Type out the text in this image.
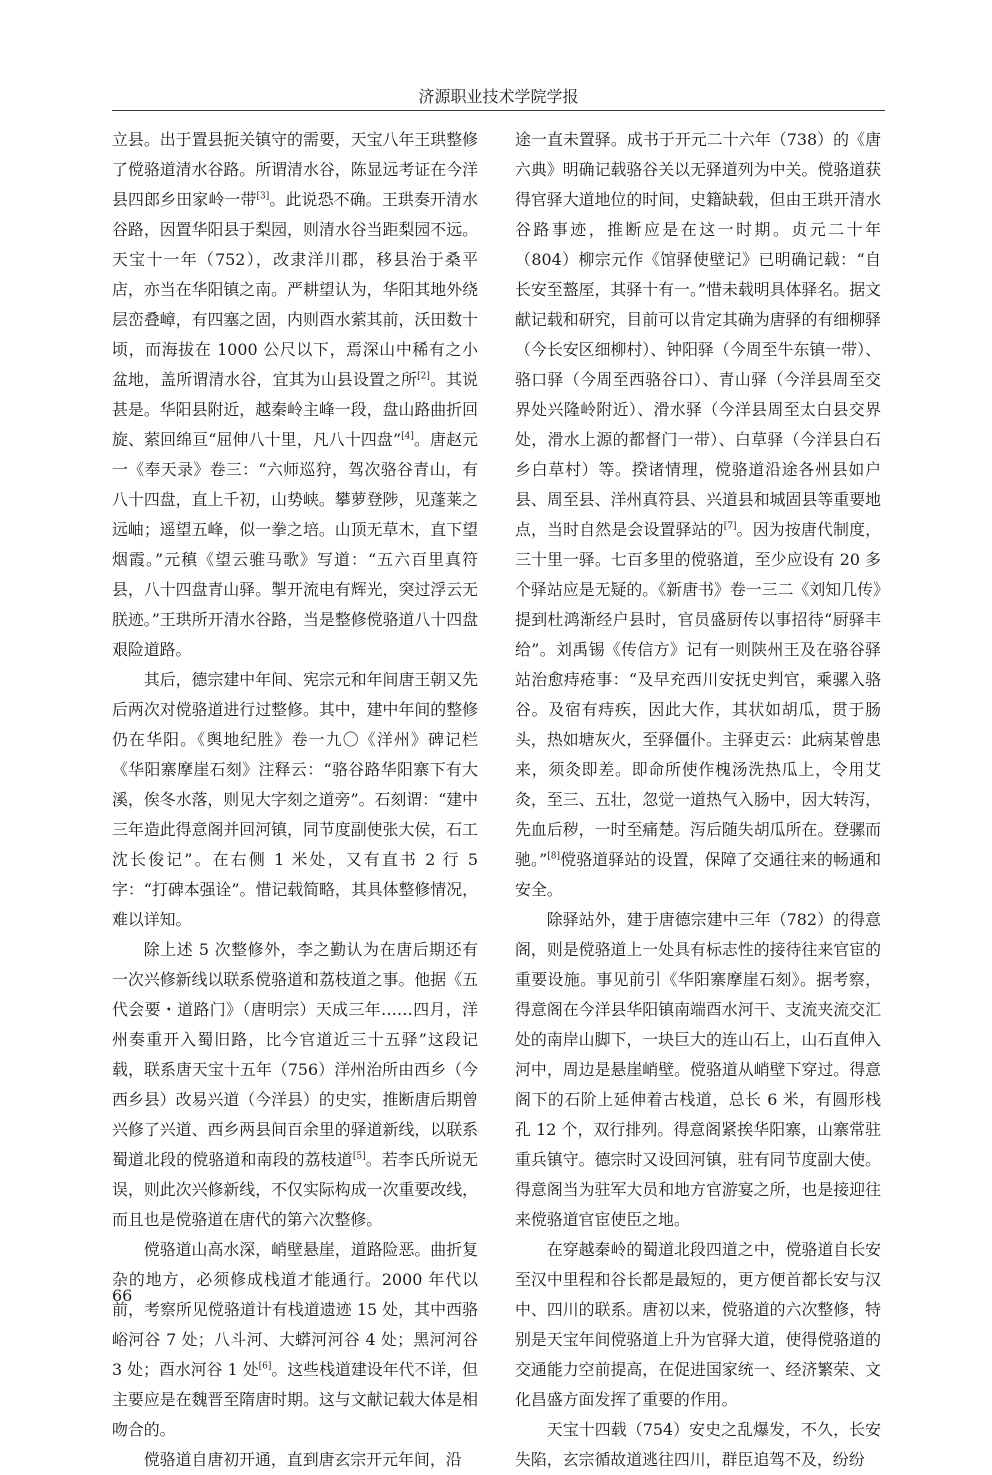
济源职业技术学院学报

立县。出于置县扼关镇守的需要，天宝八年王珙整修了傥骆道清水谷路。所谓清水谷，陈显远考证在今洋县四郎乡田家岭一带[3]。此说恐不确。王珙奏开清水谷路，因置华阳县于梨园，则清水谷当距梨园不远。天宝十一年（752），改隶洋川郡，移县治于桑平店，亦当在华阳镇之南。严耕望认为，华阳其地外绕层峦叠嶂，有四塞之固，内则酉水萦其前，沃田数十顷，而海拔在 1000 公尺以下，焉深山中稀有之小盆地，盖所谓清水谷，宜其为山县设置之所[2]。其说甚是。华阳县附近，越秦岭主峰一段，盘山路曲折回旋、萦回绵亘“屈伸八十里，凡八十四盘”[4]。唐赵元一《奉天录》卷三：“六师巡狩，驾次骆谷青山，有八十四盘，直上千初，山势峡。攀萝登陟，见蓬莱之远岫；遥望五峰，似一拳之培。山顶无草木，直下望烟霞。”元稹《望云骓马歌》写道：“五六百里真符县，八十四盘青山驿。掣开流电有辉光，突过浮云无朕迹。”王珙所开清水谷路，当是整修傥骆道八十四盘艰险道路。

其后，德宗建中年间、宪宗元和年间唐王朝又先后两次对傥骆道进行过整修。其中，建中年间的整修仍在华阳。《舆地纪胜》卷一九〇《洋州》碑记栏《华阳寨摩崖石刻》注释云：“骆谷路华阳寨下有大溪，俟冬水落，则见大字刻之道旁”。石刻谓：“建中三年造此得意阁并回河镇，同节度副使张大侯，石工沈长俊记”。在右侧 1 米处，又有直书 2 行 5 字：“打碑本强诠”。惜记载简略，其具体整修情况，难以详知。

除上述 5 次整修外，李之勤认为在唐后期还有一次兴修新线以联系傥骆道和荔枝道之事。他据《五代会要・道路门》（唐明宗）天成三年……四月，洋州奏重开入蜀旧路，比今官道近三十五驿”这段记载，联系唐天宝十五年（756）洋州治所由西乡（今西乡县）改易兴道（今洋县）的史实，推断唐后期曾兴修了兴道、西乡两县间百余里的驿道新线，以联系蜀道北段的傥骆道和南段的荔枝道[5]。若李氏所说无误，则此次兴修新线，不仅实际构成一次重要改线，而且也是傥骆道在唐代的第六次整修。

傥骆道山高水深，峭壁悬崖，道路险恶。曲折复杂的地方，必须修成栈道才能通行。2000 年代以前，考察所见傥骆道计有栈道遗迹 15 处，其中西骆峪河谷 7 处；八斗河、大蟒河河谷 4 处；黑河河谷 3 处；酉水河谷 1 处[6]。这些栈道建设年代不详，但主要应是在魏晋至隋唐时期。这与文献记载大体是相吻合的。

傥骆道自唐初开通，直到唐玄宗开元年间，沿

途一直未置驿。成书于开元二十六年（738）的《唐六典》明确记载骆谷关以无驿道列为中关。傥骆道获得官驿大道地位的时间，史籍缺载，但由王珙开清水谷路事迹，推断应是在这一时期。贞元二十年（804）柳宗元作《馆驿使壁记》已明确记载：“自长安至盩厔，其驿十有一。”惜未载明具体驿名。据文献记载和研究，目前可以肯定其确为唐驿的有细柳驿（今长安区细柳村）、钟阳驿（今周至牛东镇一带）、骆口驿（今周至西骆谷口）、青山驿（今洋县周至交界处兴隆岭附近）、滑水驿（今洋县周至太白县交界处，滑水上源的都督门一带）、白草驿（今洋县白石乡白草村）等。揆诸情理，傥骆道沿途各州县如户县、周至县、洋州真符县、兴道县和城固县等重要地点，当时自然是会设置驿站的[7]。因为按唐代制度，三十里一驿。七百多里的傥骆道，至少应设有 20 多个驿站应是无疑的。《新唐书》卷一三二《刘知几传》提到杜鸿渐经户县时，官员盛厨传以事招待“厨驿丰给”。刘禹锡《传信方》记有一则陕州王及在骆谷驿站治愈痔疮事：“及早充西川安抚史判官，乘骡入骆谷。及宿有痔疾，因此大作，其状如胡瓜，贯于肠头，热如塘灰火，至驿僵仆。主驿吏云：此病某曾患来，须灸即差。即命所使作槐汤洗热瓜上，令用艾灸，至三、五壮，忽觉一道热气入肠中，因大转泻，先血后秽，一时至痛楚。泻后随失胡瓜所在。登骡而驰。”[8]傥骆道驿站的设置，保障了交通往来的畅通和安全。

除驿站外，建于唐德宗建中三年（782）的得意阁，则是傥骆道上一处具有标志性的接待往来官宦的重要设施。事见前引《华阳寨摩崖石刻》。据考察，得意阁在今洋县华阳镇南端酉水河干、支流夹流交汇处的南岸山脚下，一块巨大的连山石上，山石直伸入河中，周边是悬崖峭壁。傥骆道从峭壁下穿过。得意阁下的石阶上延伸着古栈道，总长 6 米，有圆形栈孔 12 个，双行排列。得意阁紧挨华阳寨，山寨常驻重兵镇守。德宗时又设回河镇，驻有同节度副大使。得意阁当为驻军大员和地方官游宴之所，也是接迎往来傥骆道官宦使臣之地。

在穿越秦岭的蜀道北段四道之中，傥骆道自长安至汉中里程和谷长都是最短的，更方便首都长安与汉中、四川的联系。唐初以来，傥骆道的六次整修，特别是天宝年间傥骆道上升为官驿大道，使得傥骆道的交通能力空前提高，在促进国家统一、经济繁荣、文化昌盛方面发挥了重要的作用。

天宝十四载（754）安史之乱爆发，不久，长安失陷，玄宗循故道逃往四川，群臣追驾不及，纷纷

66
